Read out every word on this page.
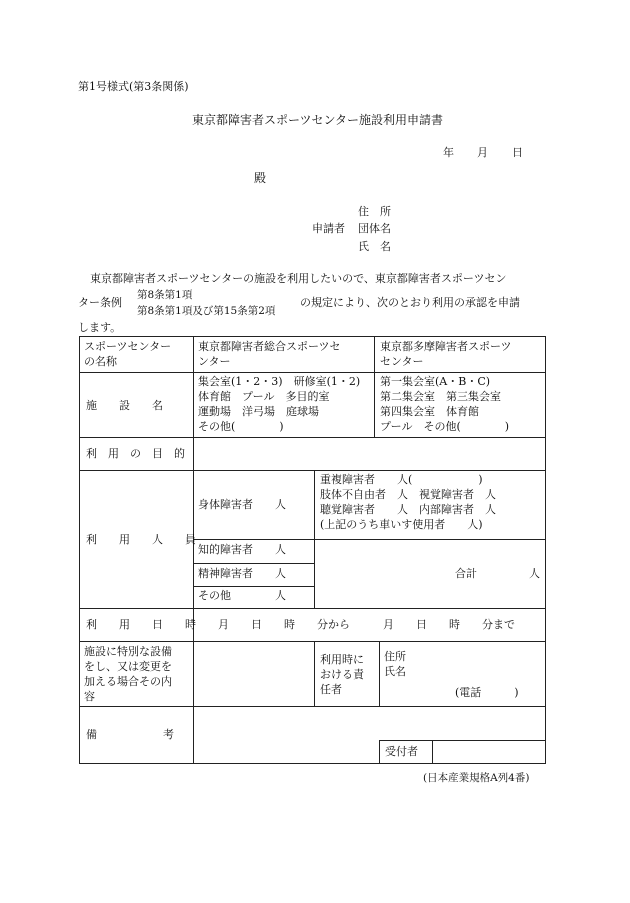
第1号様式(第3条関係)
東京都障害者スポーツセンター施設利用申請書
年 月 日
殿
住　所
申請者 団体名
氏　名
東京都障害者スポーツセンターの施設を利用したいので、東京都障害者スポーツセン
ター条例
第8条第1項
第8条第1項及び第15条第2項
の規定により、次のとおり利用の承認を申請
します。
スポーツセンター
の名称
東京都障害者総合スポーツセ
ンター
東京都多摩障害者スポーツ
センター
施　　設　　名
集会室(1・2・3)　研修室(1・2)
体育館　プール　多目的室
運動場　洋弓場　庭球場
その他(　　　　)
第一集会室(A・B・C)
第二集会室　第三集会室
第四集会室　体育館
プール　その他(　　　　)
利　用　の　目　的
利　　用　　人　　員
身体障害者　　人
重複障害者　　人(　　　　　　)
肢体不自由者　人　視覚障害者　人
聴覚障害者　　人　内部障害者　人
(上記のうち車いす使用者　　人)
知的障害者　　人
精神障害者　　人
その他　　　　人
合計	人
利　　用　　日　　時 月　　日　　時　　分から	月　　日　　時　　分まで
施設に特別な設備
をし、又は変更を
加える場合その内
容
利用時に
おける責
任者
住所
氏名
(電話　　　)
備　　　　　　考
受付者
(日本産業規格A列4番)
